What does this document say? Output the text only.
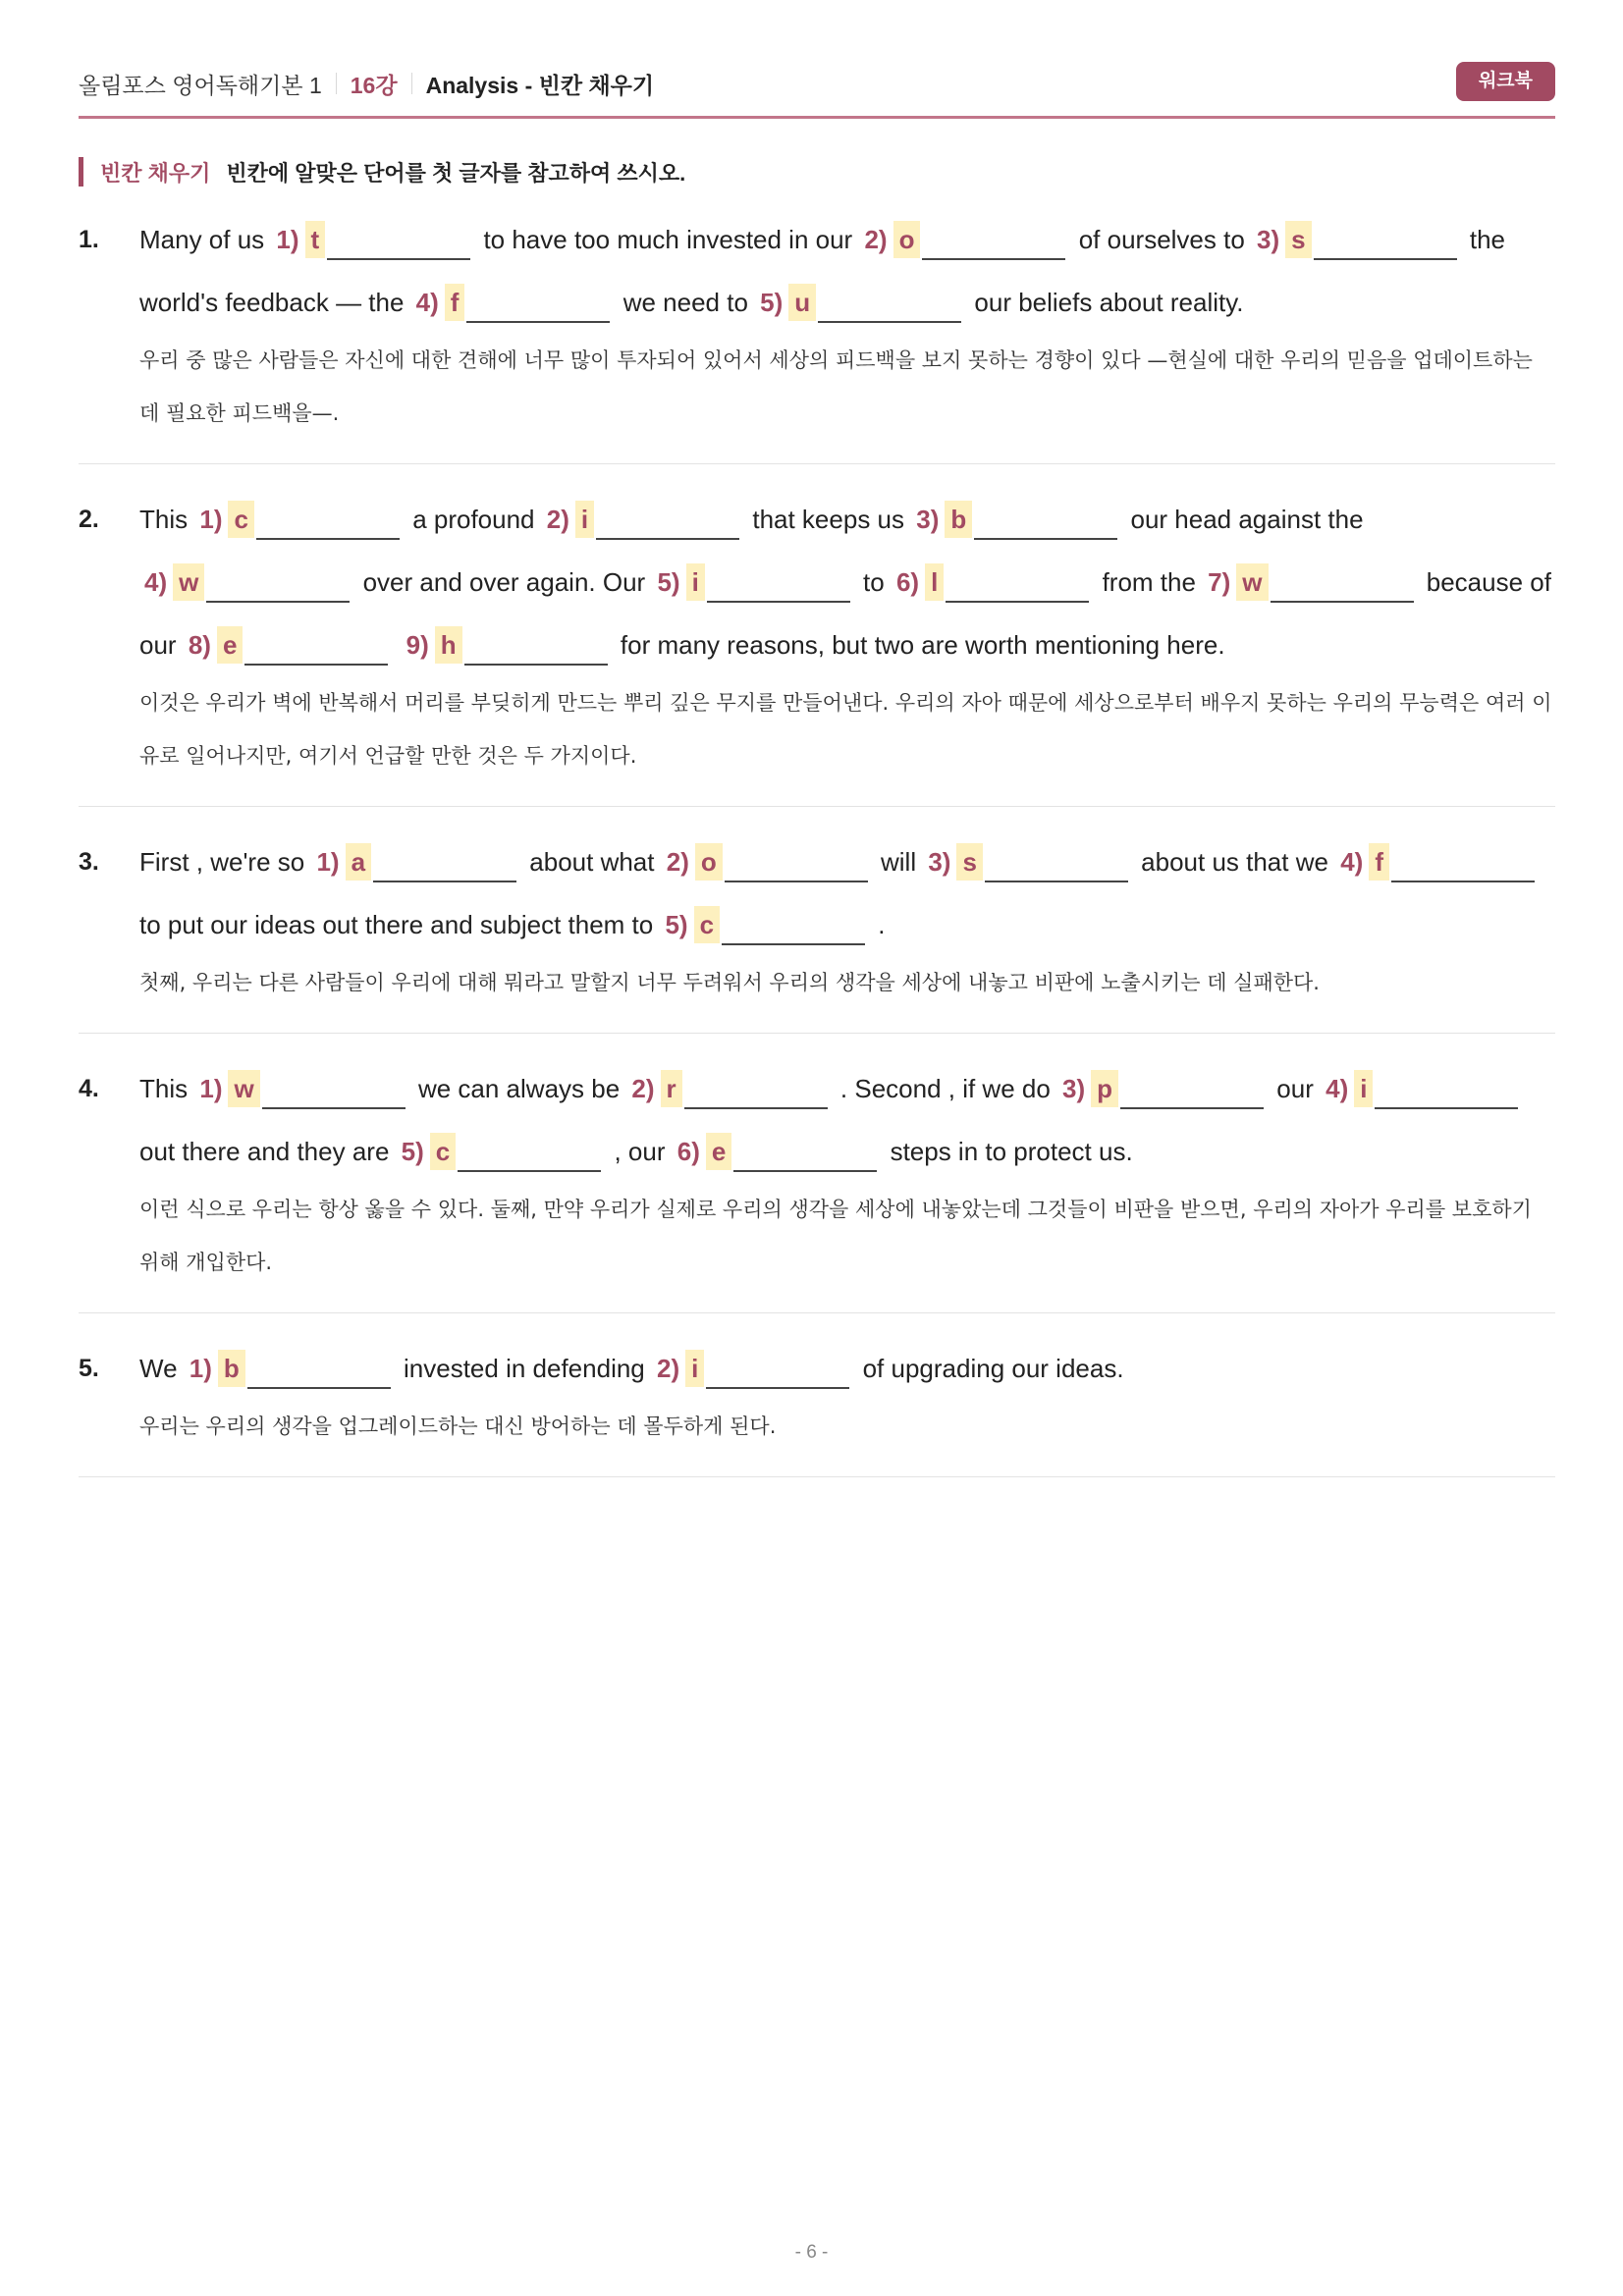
올림포스 영어독해기본 1 16강 Analysis - 빈칸 채우기	워크북
빈칸 채우기 빈칸에 알맞은 단어를 첫 글자를 참고하여 쓰시오.
1. Many of us 1) t	to have too much invested in our 2) o	of ourselves to 3) s	the world's feedback — the 4) f	we need to 5) u	our beliefs about reality.
우리 중 많은 사람들은 자신에 대한 견해에 너무 많이 투자되어 있어서 세상의 피드백을 보지 못하는 경향이 있다 —현실에 대한 우리의 믿음을 업데이트하는 데 필요한 피드백을—.
2. This 1) c	a profound 2) i	that keeps us 3) b	our head against the 4) w	over and over again. Our 5) i	to 6) l	from the 7) w	because of our 8) e	9) h	for many reasons, but two are worth mentioning here.
이것은 우리가 벽에 반복해서 머리를 부딪히게 만드는 뿌리 깊은 무지를 만들어낸다. 우리의 자아 때문에 세상으로부터 배우지 못하는 우리의 무능력은 여러 이유로 일어나지만, 여기서 언급할 만한 것은 두 가지이다.
3. First , we're so 1) a	about what 2) o	will 3) s	about us that we 4) f to put our ideas out there and subject them to 5) c	.
첫째, 우리는 다른 사람들이 우리에 대해 뭐라고 말할지 너무 두려워서 우리의 생각을 세상에 내놓고 비판에 노출시키는 데 실패한다.
4. This 1) w	we can always be 2) r	. Second , if we do 3) p	our 4) i out there and they are 5) c	, our 6) e	steps in to protect us.
이런 식으로 우리는 항상 옳을 수 있다. 둘째, 만약 우리가 실제로 우리의 생각을 세상에 내놓았는데 그것들이 비판을 받으면, 우리의 자아가 우리를 보호하기 위해 개입한다.
5. We 1) b	invested in defending 2) i	of upgrading our ideas.
우리는 우리의 생각을 업그레이드하는 대신 방어하는 데 몰두하게 된다.
- 6 -
